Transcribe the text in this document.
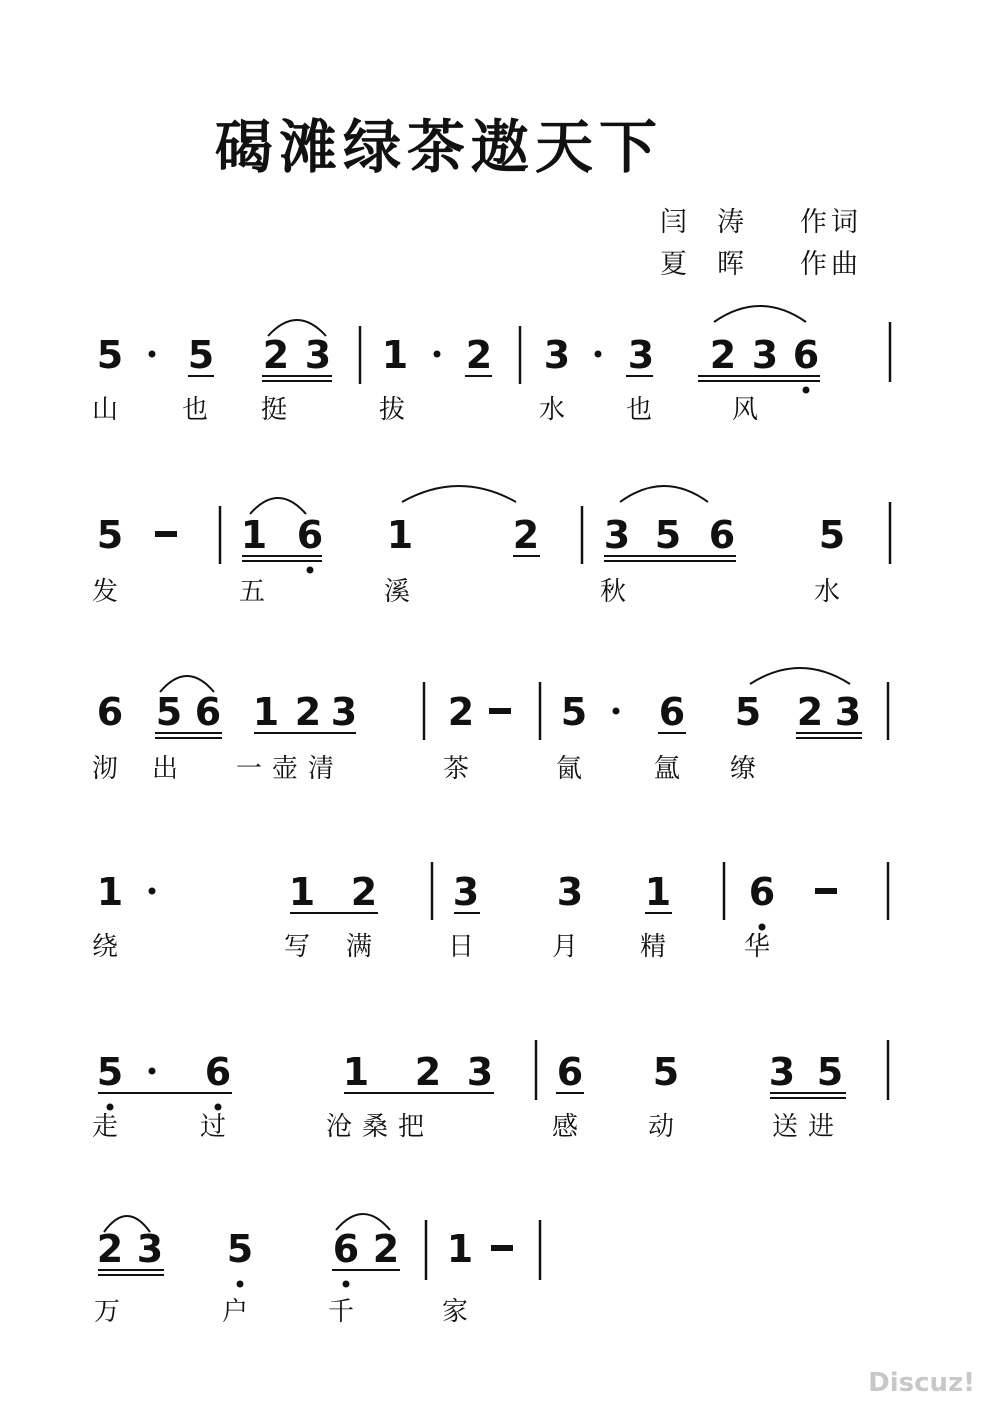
碣滩绿茶遨天下
闫涛 作词
夏晖 作曲
5 5 2 3 1 2 3 3 2 3 6
山 也 挺	拔	水 也	风
5	1 6 1	2 3 5 6 5
发	五	溪	秋	水
6 5 6 1 2 3 2 5 6 5 2 3
沏 出 一壶清	茶	氤 氲 缭
1	1 2 3 3 1 6
绕	写 满	日	月 精	华
5 6	1 2 3 6 5 3 5
走	过	沧桑把	感 动	送进
2 3 5 6 2 1
万	户	千	家
Discuz!
